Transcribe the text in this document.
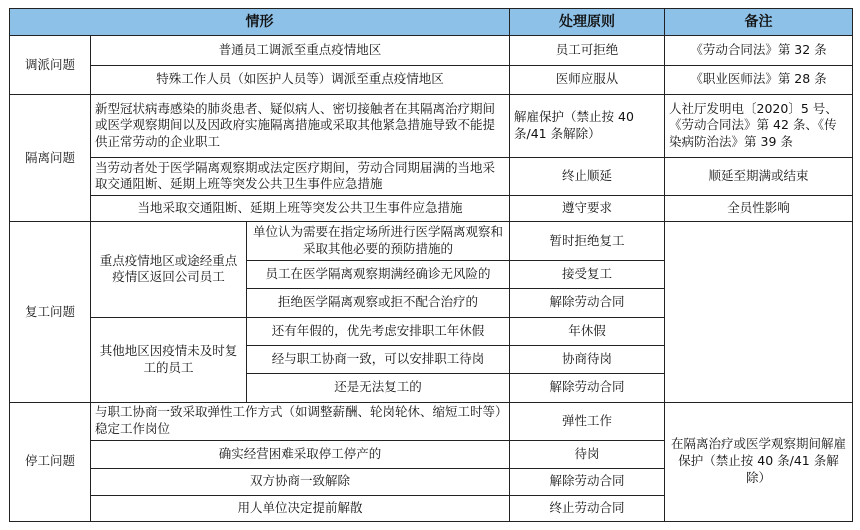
情形			处理原则	备注
调派问题	普通员工调派至重点疫情地区		员工可拒绝	《劳动合同法》第 32 条
	特殊工作人员（如医护人员等）调派至重点疫情地区		医师应服从	《职业医师法》第 28 条
隔离问题	新型冠状病毒感染的肺炎患者、疑似病人、密切接触者在其隔离治疗期间或医学观察期间以及因政府实施隔离措施或采取其他紧急措施导致不能提供正常劳动的企业职工		解雇保护（禁止按 40 条/41 条解除）	人社厅发明电〔2020〕5 号、《劳动合同法》第 42 条、《传染病防治法》第 39 条
	当劳动者处于医学隔离观察期或法定医疗期间，劳动合同期届满的当地采取交通阻断、延期上班等突发公共卫生事件应急措施		终止顺延	顺延至期满或结束
	当地采取交通阻断、延期上班等突发公共卫生事件应急措施		遵守要求	全员性影响
复工问题	重点疫情地区或途经重点疫情区返回公司员工	单位认为需要在指定场所进行医学隔离观察和采取其他必要的预防措施的	暂时拒绝复工	
		员工在医学隔离观察期满经确诊无风险的	接受复工	
		拒绝医学隔离观察或拒不配合治疗的	解除劳动合同	
	其他地区因疫情未及时复工的员工	还有年假的，优先考虑安排职工年休假	年休假	
		经与职工协商一致，可以安排职工待岗	协商待岗	
		还是无法复工的	解除劳动合同	
停工问题	与职工协商一致采取弹性工作方式（如调整薪酬、轮岗轮休、缩短工时等）稳定工作岗位		弹性工作	在隔离治疗或医学观察期间解雇保护（禁止按 40 条/41 条解除）
	确实经营困难采取停工停产的		待岗	
	双方协商一致解除		解除劳动合同	
	用人单位决定提前解散		终止劳动合同	
